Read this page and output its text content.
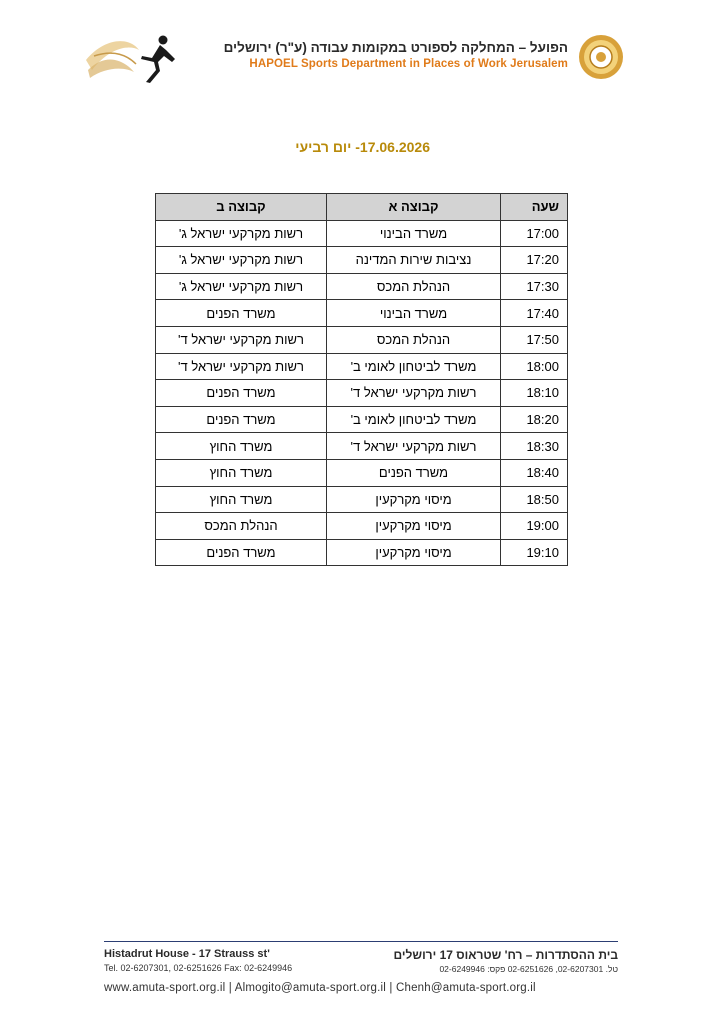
הפועל – המחלקה לספורט במקומות עבודה (ע"ר) ירושלים
HAPOEL Sports Department in Places of Work Jerusalem
17.06.2026- יום רביעי
שעה	קבוצה א	קבוצה ב
17:00	משרד הבינוי	רשות מקרקעי ישראל ג'
17:20	נציבות שירות המדינה	רשות מקרקעי ישראל ג'
17:30	הנהלת המכס	רשות מקרקעי ישראל ג'
17:40	משרד הבינוי	משרד הפנים
17:50	הנהלת המכס	רשות מקרקעי ישראל ד'
18:00	משרד לביטחון לאומי ב'	רשות מקרקעי ישראל ד'
18:10	רשות מקרקעי ישראל ד'	משרד הפנים
18:20	משרד לביטחון לאומי ב'	משרד הפנים
18:30	רשות מקרקעי ישראל ד'	משרד החוץ
18:40	משרד הפנים	משרד החוץ
18:50	מיסוי מקרקעין	משרד החוץ
19:00	מיסוי מקרקעין	הנהלת המכס
19:10	מיסוי מקרקעין	משרד הפנים
Histadrut House - 17 Strauss st'
Tel. 02-6207301, 02-6251626 Fax: 02-6249946
בית ההסתדרות – רח' שטראוס 17 ירושלים
טל. 02-6207301, 02-6251626 פקס: 02-6249946
www.amuta-sport.org.il | Almogito@amuta-sport.org.il | Chenh@amuta-sport.org.il
